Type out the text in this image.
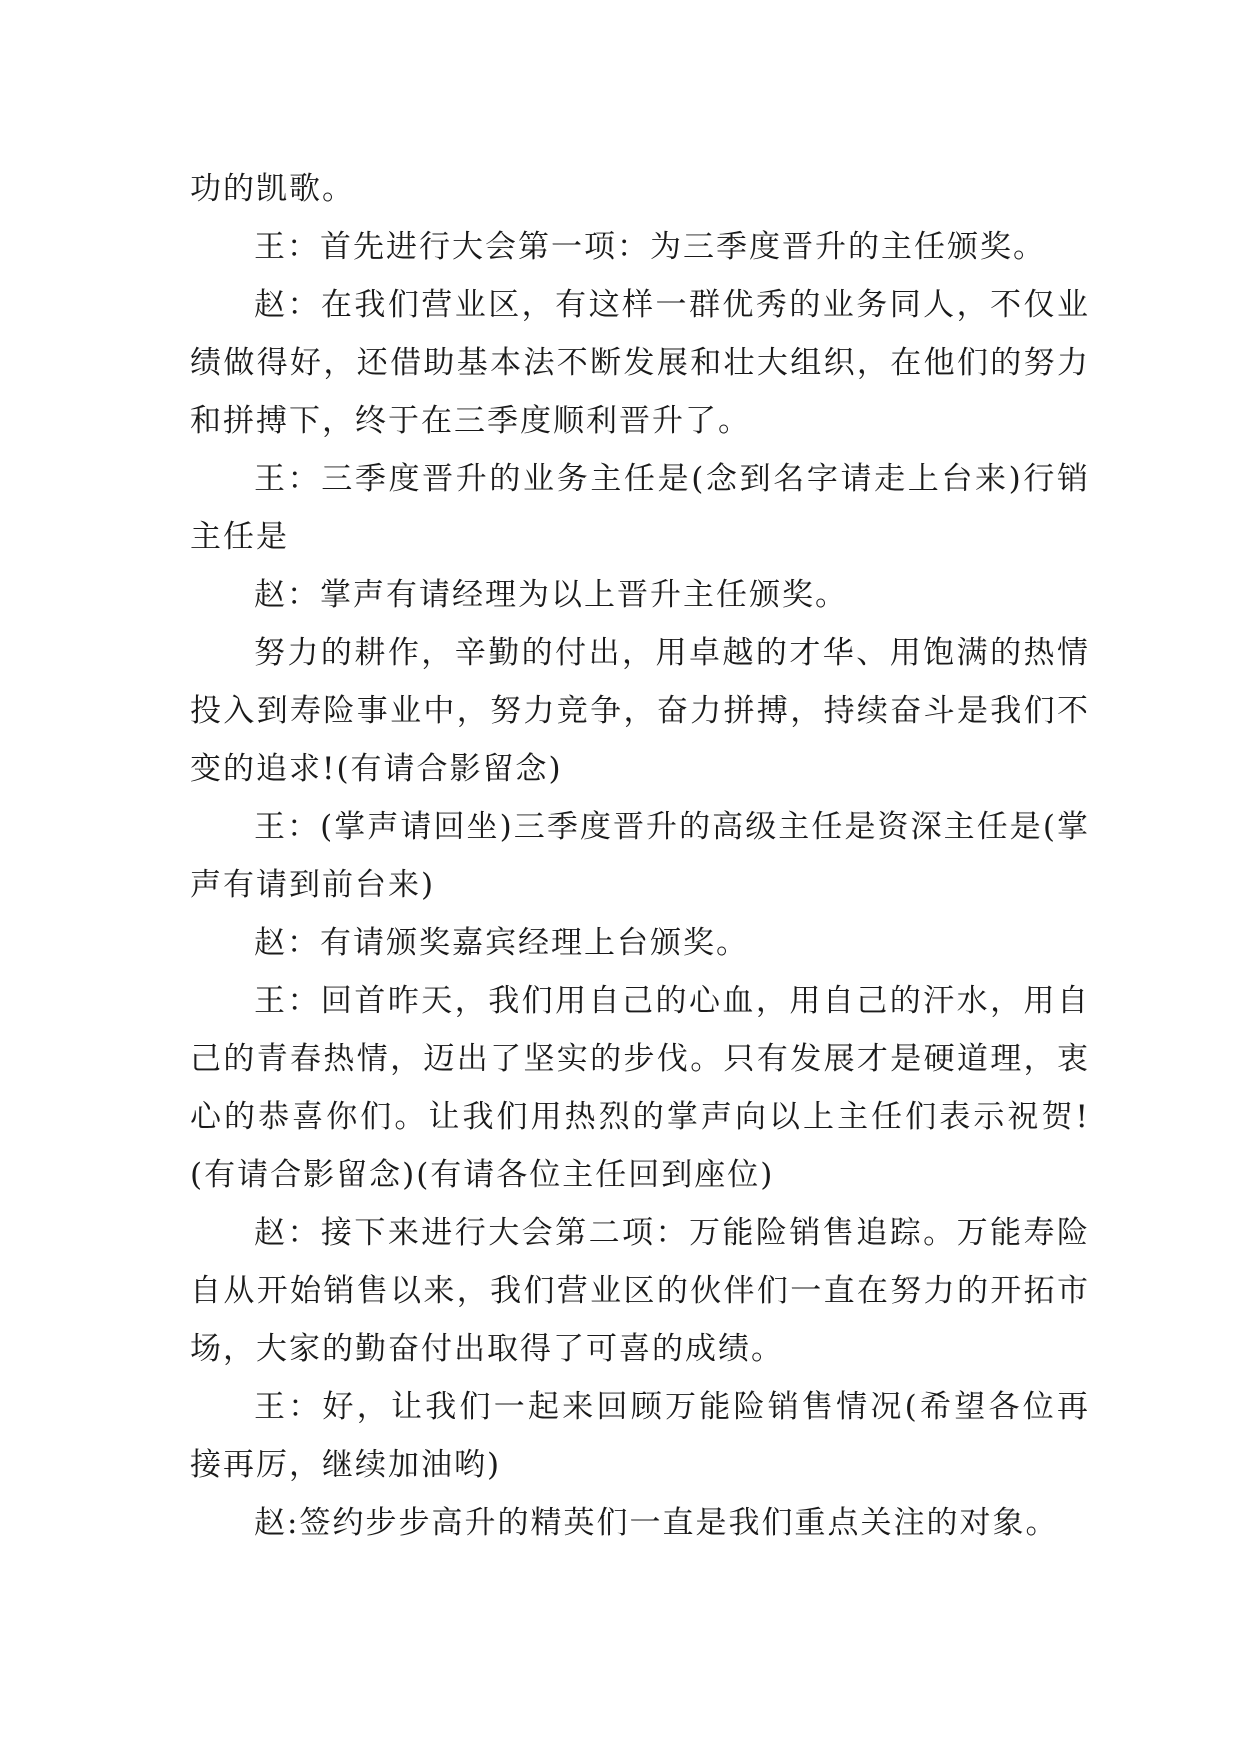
功的凯歌。

王：首先进行大会第一项：为三季度晋升的主任颁奖。

赵：在我们营业区，有这样一群优秀的业务同人，不仅业绩做得好，还借助基本法不断发展和壮大组织，在他们的努力和拼搏下，终于在三季度顺利晋升了。

王：三季度晋升的业务主任是(念到名字请走上台来)行销主任是

赵：掌声有请经理为以上晋升主任颁奖。

努力的耕作，辛勤的付出，用卓越的才华、用饱满的热情投入到寿险事业中，努力竞争，奋力拼搏，持续奋斗是我们不变的追求!(有请合影留念)

王：(掌声请回坐)三季度晋升的高级主任是资深主任是(掌声有请到前台来)

赵：有请颁奖嘉宾经理上台颁奖。

王：回首昨天，我们用自己的心血，用自己的汗水，用自己的青春热情，迈出了坚实的步伐。只有发展才是硬道理，衷心的恭喜你们。让我们用热烈的掌声向以上主任们表示祝贺!(有请合影留念)(有请各位主任回到座位)

赵：接下来进行大会第二项：万能险销售追踪。万能寿险自从开始销售以来，我们营业区的伙伴们一直在努力的开拓市场，大家的勤奋付出取得了可喜的成绩。

王：好，让我们一起来回顾万能险销售情况(希望各位再接再厉，继续加油哟)

赵:签约步步高升的精英们一直是我们重点关注的对象。
